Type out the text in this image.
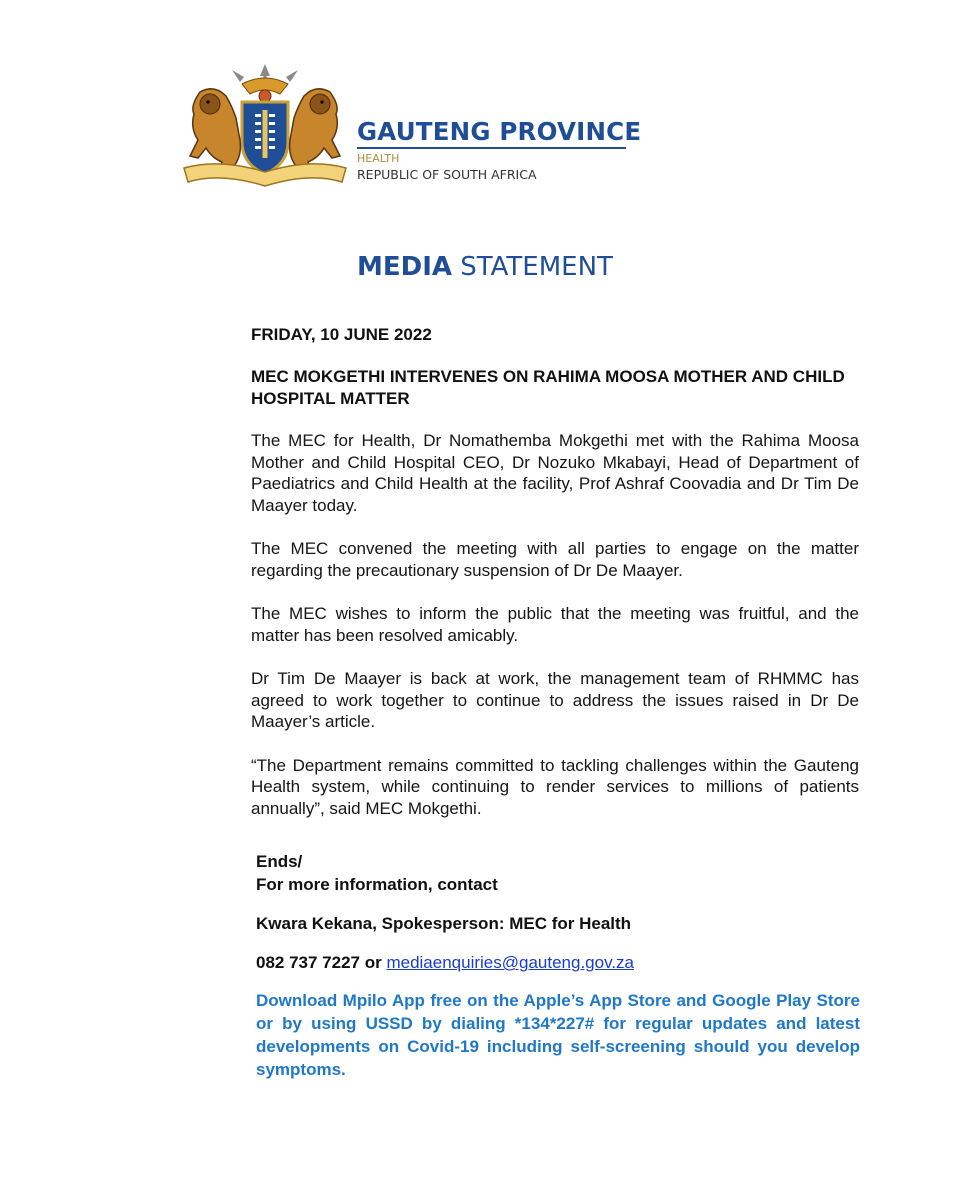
GAUTENG PROVINCE
HEALTH
REPUBLIC OF SOUTH AFRICA
MEDIA STATEMENT
FRIDAY, 10 JUNE 2022
MEC MOKGETHI INTERVENES ON RAHIMA MOOSA MOTHER AND CHILD HOSPITAL MATTER

The MEC for Health, Dr Nomathemba Mokgethi met with the Rahima Moosa Mother and Child Hospital CEO, Dr Nozuko Mkabayi, Head of Department of Paediatrics and Child Health at the facility, Prof Ashraf Coovadia and Dr Tim De Maayer today.

The MEC convened the meeting with all parties to engage on the matter regarding the precautionary suspension of Dr De Maayer.

The MEC wishes to inform the public that the meeting was fruitful, and the matter has been resolved amicably.

Dr Tim De Maayer is back at work, the management team of RHMMC has agreed to work together to continue to address the issues raised in Dr De Maayer’s article.

“The Department remains committed to tackling challenges within the Gauteng Health system, while continuing to render services to millions of patients annually”, said MEC Mokgethi.

Ends/
For more information, contact
Kwara Kekana, Spokesperson: MEC for Health
082 737 7227 or mediaenquiries@gauteng.gov.za
Download Mpilo App free on the Apple’s App Store and Google Play Store or by using USSD by dialing *134*227# for regular updates and latest developments on Covid-19 including self-screening should you develop symptoms.
